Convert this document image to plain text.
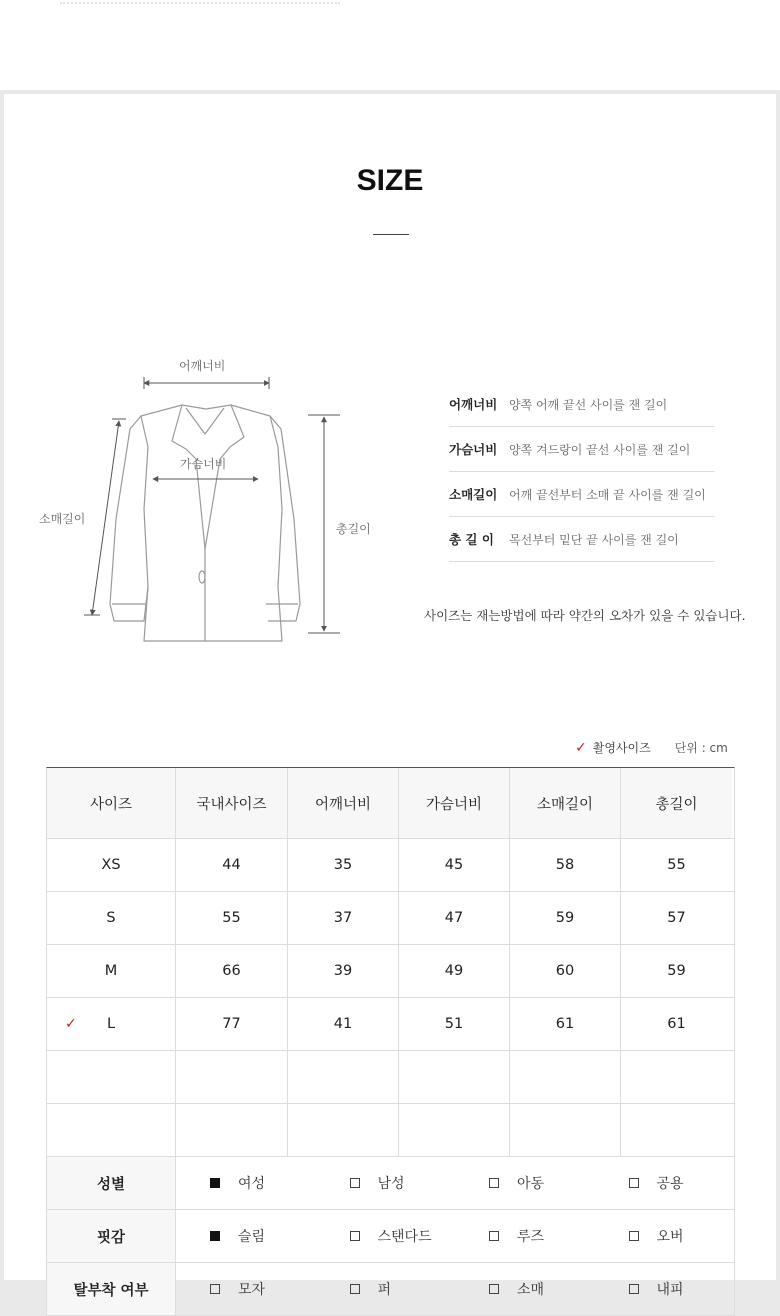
SIZE
어깨너비
가슴너비
소매길이
총길이
어깨너비 양쪽 어깨 끝선 사이를 잰 길이
가슴너비 양쪽 겨드랑이 끝선 사이를 잰 길이
소매길이 어깨 끝선부터 소매 끝 사이를 잰 길이
총 길 이	목선부터 밑단 끝 사이를 잰 길이
사이즈는 재는방법에 따라 약간의 오차가 있을 수 있습니다.
✓ 촬영사이즈 단위 : cm
사이즈	국내사이즈	어깨너비	가슴너비	소매길이	총길이
XS	44	35	45	58	55
S	55	37	47	59	57
M	66	39	49	60	59
✓ L	77	41	51	61	61
성별	여성	남성	아동	공용
핏감	슬림	스탠다드	루즈	오버
탈부착 여부	모자	퍼	소매	내피
